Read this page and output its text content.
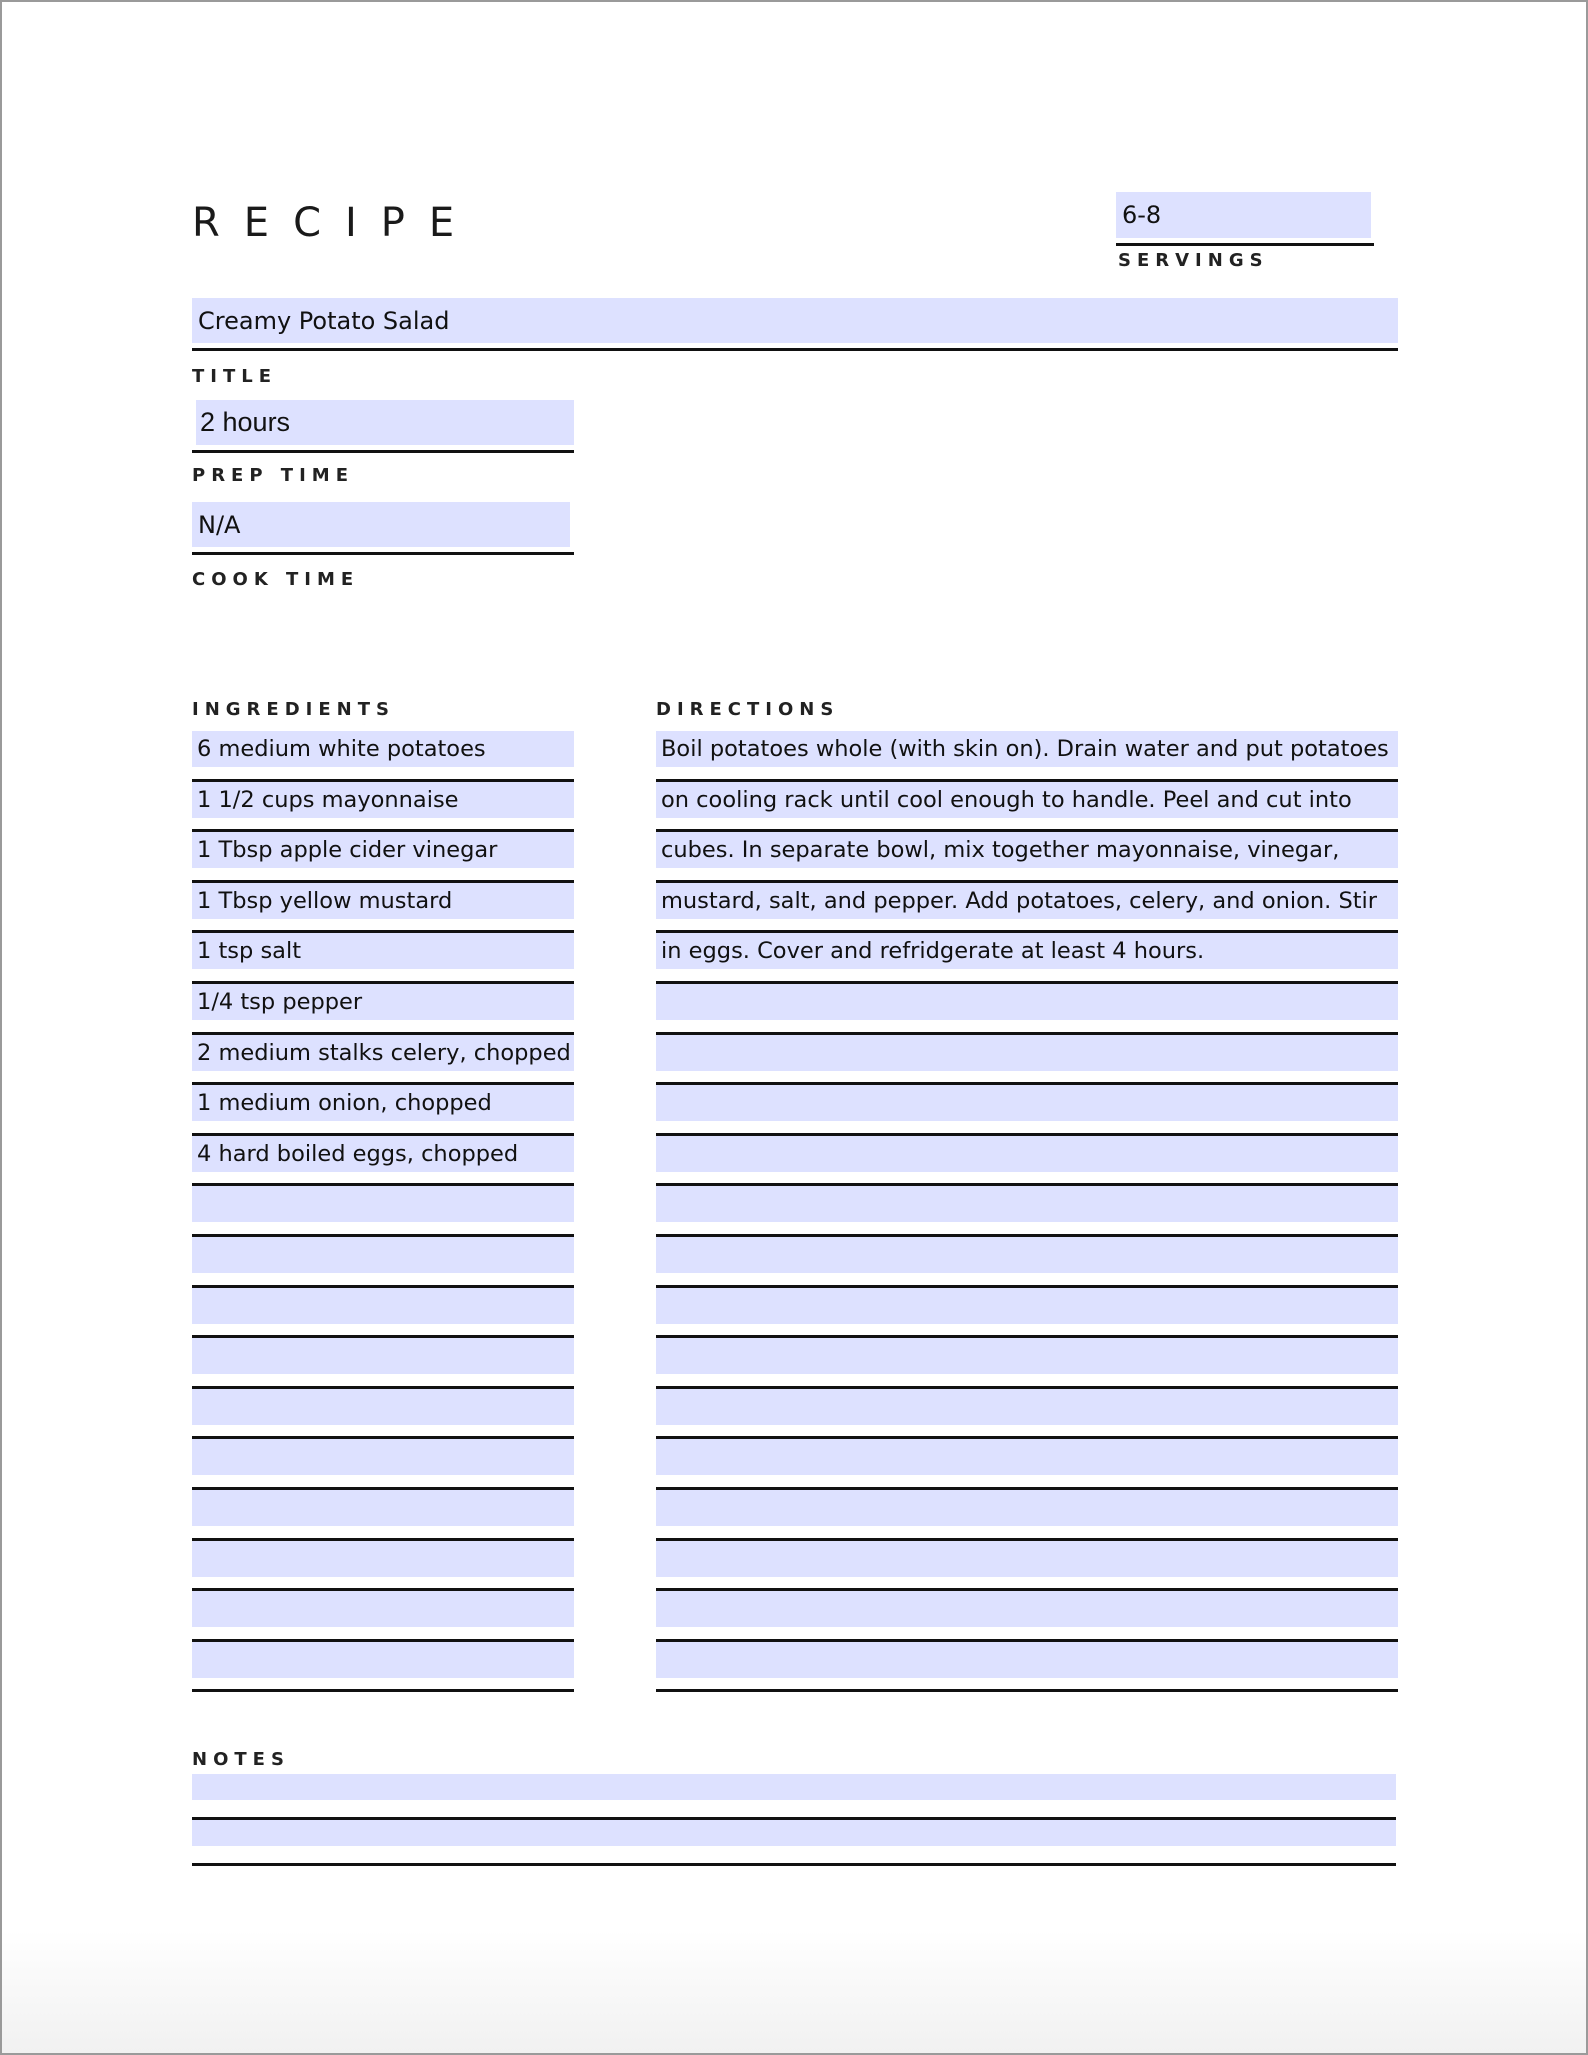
RECIPE	6-8
SERVINGS
Creamy Potato Salad
TITLE
2 hours
PREP TIME
N/A
COOK TIME
INGREDIENTS
6 medium white potatoes
1 1/2 cups mayonnaise
1 Tbsp apple cider vinegar
1 Tbsp yellow mustard
1 tsp salt
1/4 tsp pepper
2 medium stalks celery, chopped
1 medium onion, chopped
4 hard boiled eggs, chopped
DIRECTIONS
Boil potatoes whole (with skin on). Drain water and put potatoes
on cooling rack until cool enough to handle. Peel and cut into
cubes. In separate bowl, mix together mayonnaise, vinegar,
mustard, salt, and pepper. Add potatoes, celery, and onion. Stir
in eggs. Cover and refridgerate at least 4 hours.
NOTES
